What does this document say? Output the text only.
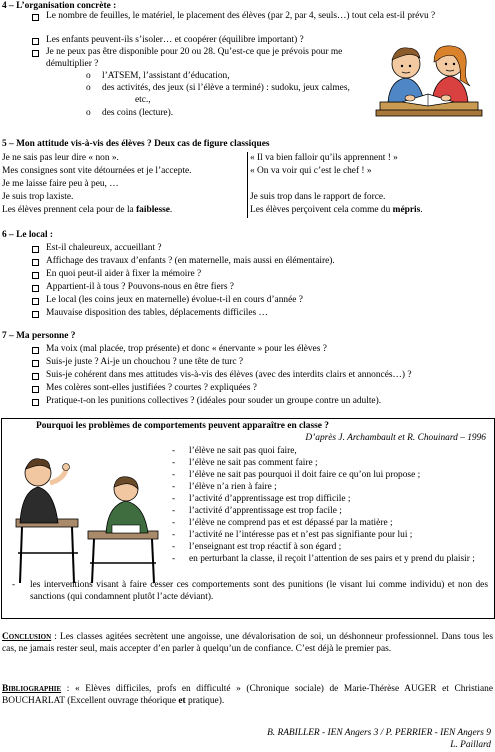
4 – L’organisation concrète :
Le nombre de feuilles, le matériel, le placement des élèves (par 2, par 4, seuls…) tout cela est-il prévu ?
Les enfants peuvent-ils s’isoler… et coopérer (équilibre important) ?
Je ne peux pas être disponible pour 20 ou 28. Qu’est-ce que je prévois pour me démultiplier ?
o l’ATSEM, l’assistant d’éducation,
o des activités, des jeux (si l’élève a terminé) : sudoku, jeux calmes, etc.,
o des coins (lecture).
5 – Mon attitude vis-à-vis des élèves ? Deux cas de figure classiques
Je ne sais pas leur dire « non ».
Mes consignes sont vite détournées et je l’accepte.
Je me laisse faire peu à peu, …
Je suis trop laxiste.
Les élèves prennent cela pour de la faiblesse.
« Il va bien falloir qu’ils apprennent ! »
« On va voir qui c’est le chef ! »
Je suis trop dans le rapport de force.
Les élèves perçoivent cela comme du mépris.
6 – Le local :
Est-il chaleureux, accueillant ?
Affichage des travaux d’enfants ? (en maternelle, mais aussi en élémentaire).
En quoi peut-il aider à fixer la mémoire ?
Appartient-il à tous ? Pouvons-nous en être fiers ?
Le local (les coins jeux en maternelle) évolue-t-il en cours d’année ?
Mauvaise disposition des tables, déplacements difficiles …
7 – Ma personne ?
Ma voix (mal placée, trop présente) et donc « énervante » pour les élèves ?
Suis-je juste ? Ai-je un chouchou ? une tête de turc ?
Suis-je cohérent dans mes attitudes vis-à-vis des élèves (avec des interdits clairs et annoncés…) ?
Mes colères sont-elles justifiées ? courtes ? expliquées ?
Pratique-t-on les punitions collectives ? (idéales pour souder un groupe contre un adulte).
Pourquoi les problèmes de comportements peuvent apparaître en classe ?
D’après J. Archambault et R. Chouinard – 1996
- l’élève ne sait pas quoi faire,
- l’élève ne sait pas comment faire ;
- l’élève ne sait pas pourquoi il doit faire ce qu’on lui propose ;
- l’élève n’a rien à faire ;
- l’activité d’apprentissage est trop difficile ;
- l’activité d’apprentissage est trop facile ;
- l’élève ne comprend pas et est dépassé par la matière ;
- l’activité ne l’intéresse pas et n’est pas signifiante pour lui ;
- l’enseignant est trop réactif à son égard ;
- en perturbant la classe, il reçoit l’attention de ses pairs et y prend du plaisir ;
- les interventions visant à faire cesser ces comportements sont des punitions (le visant lui comme individu) et non des sanctions (qui condamnent plutôt l’acte déviant).
Conclusion : Les classes agitées secrètent une angoisse, une dévalorisation de soi, un déshonneur professionnel. Dans tous les cas, ne jamais rester seul, mais accepter d’en parler à quelqu’un de confiance. C’est déjà le premier pas.
Bibliographie : « Elèves difficiles, profs en difficulté » (Chronique sociale) de Marie-Thérèse AUGER et Christiane BOUCHARLAT (Excellent ouvrage théorique et pratique).
B. RABILLER - IEN Angers 3 / P. PERRIER - IEN Angers 9
L. Paillard
